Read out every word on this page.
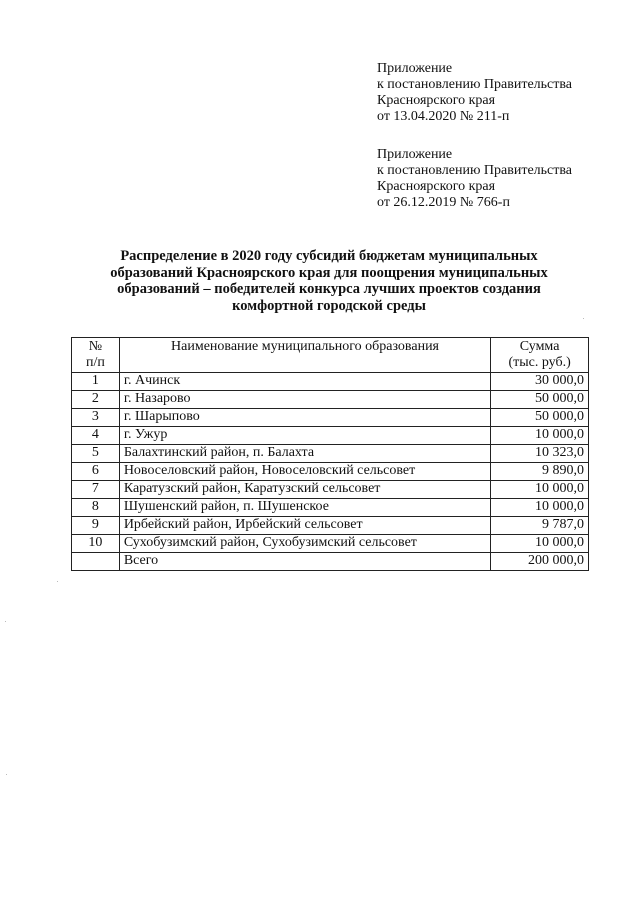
Приложение
к постановлению Правительства
Красноярского края
от 13.04.2020 № 211-п
Приложение
к постановлению Правительства
Красноярского края
от 26.12.2019 № 766-п
Распределение в 2020 году субсидий бюджетам муниципальных
образований Красноярского края для поощрения муниципальных
образований – победителей конкурса лучших проектов создания
комфортной городской среды
№
п/п	Наименование муниципального образования	Сумма
(тыс. руб.)

1	г. Ачинск	30 000,0
2	г. Назарово	50 000,0
3	г. Шарыпово	50 000,0
4	г. Ужур	10 000,0
5	Балахтинский район, п. Балахта	10 323,0
6	Новоселовский район, Новоселовский сельсовет	9 890,0
7	Каратузский район, Каратузский сельсовет	10 000,0
8	Шушенский район, п. Шушенское	10 000,0
9	Ирбейский район, Ирбейский сельсовет	9 787,0
10	Сухобузимский район, Сухобузимский сельсовет	10 000,0
	Всего	200 000,0
